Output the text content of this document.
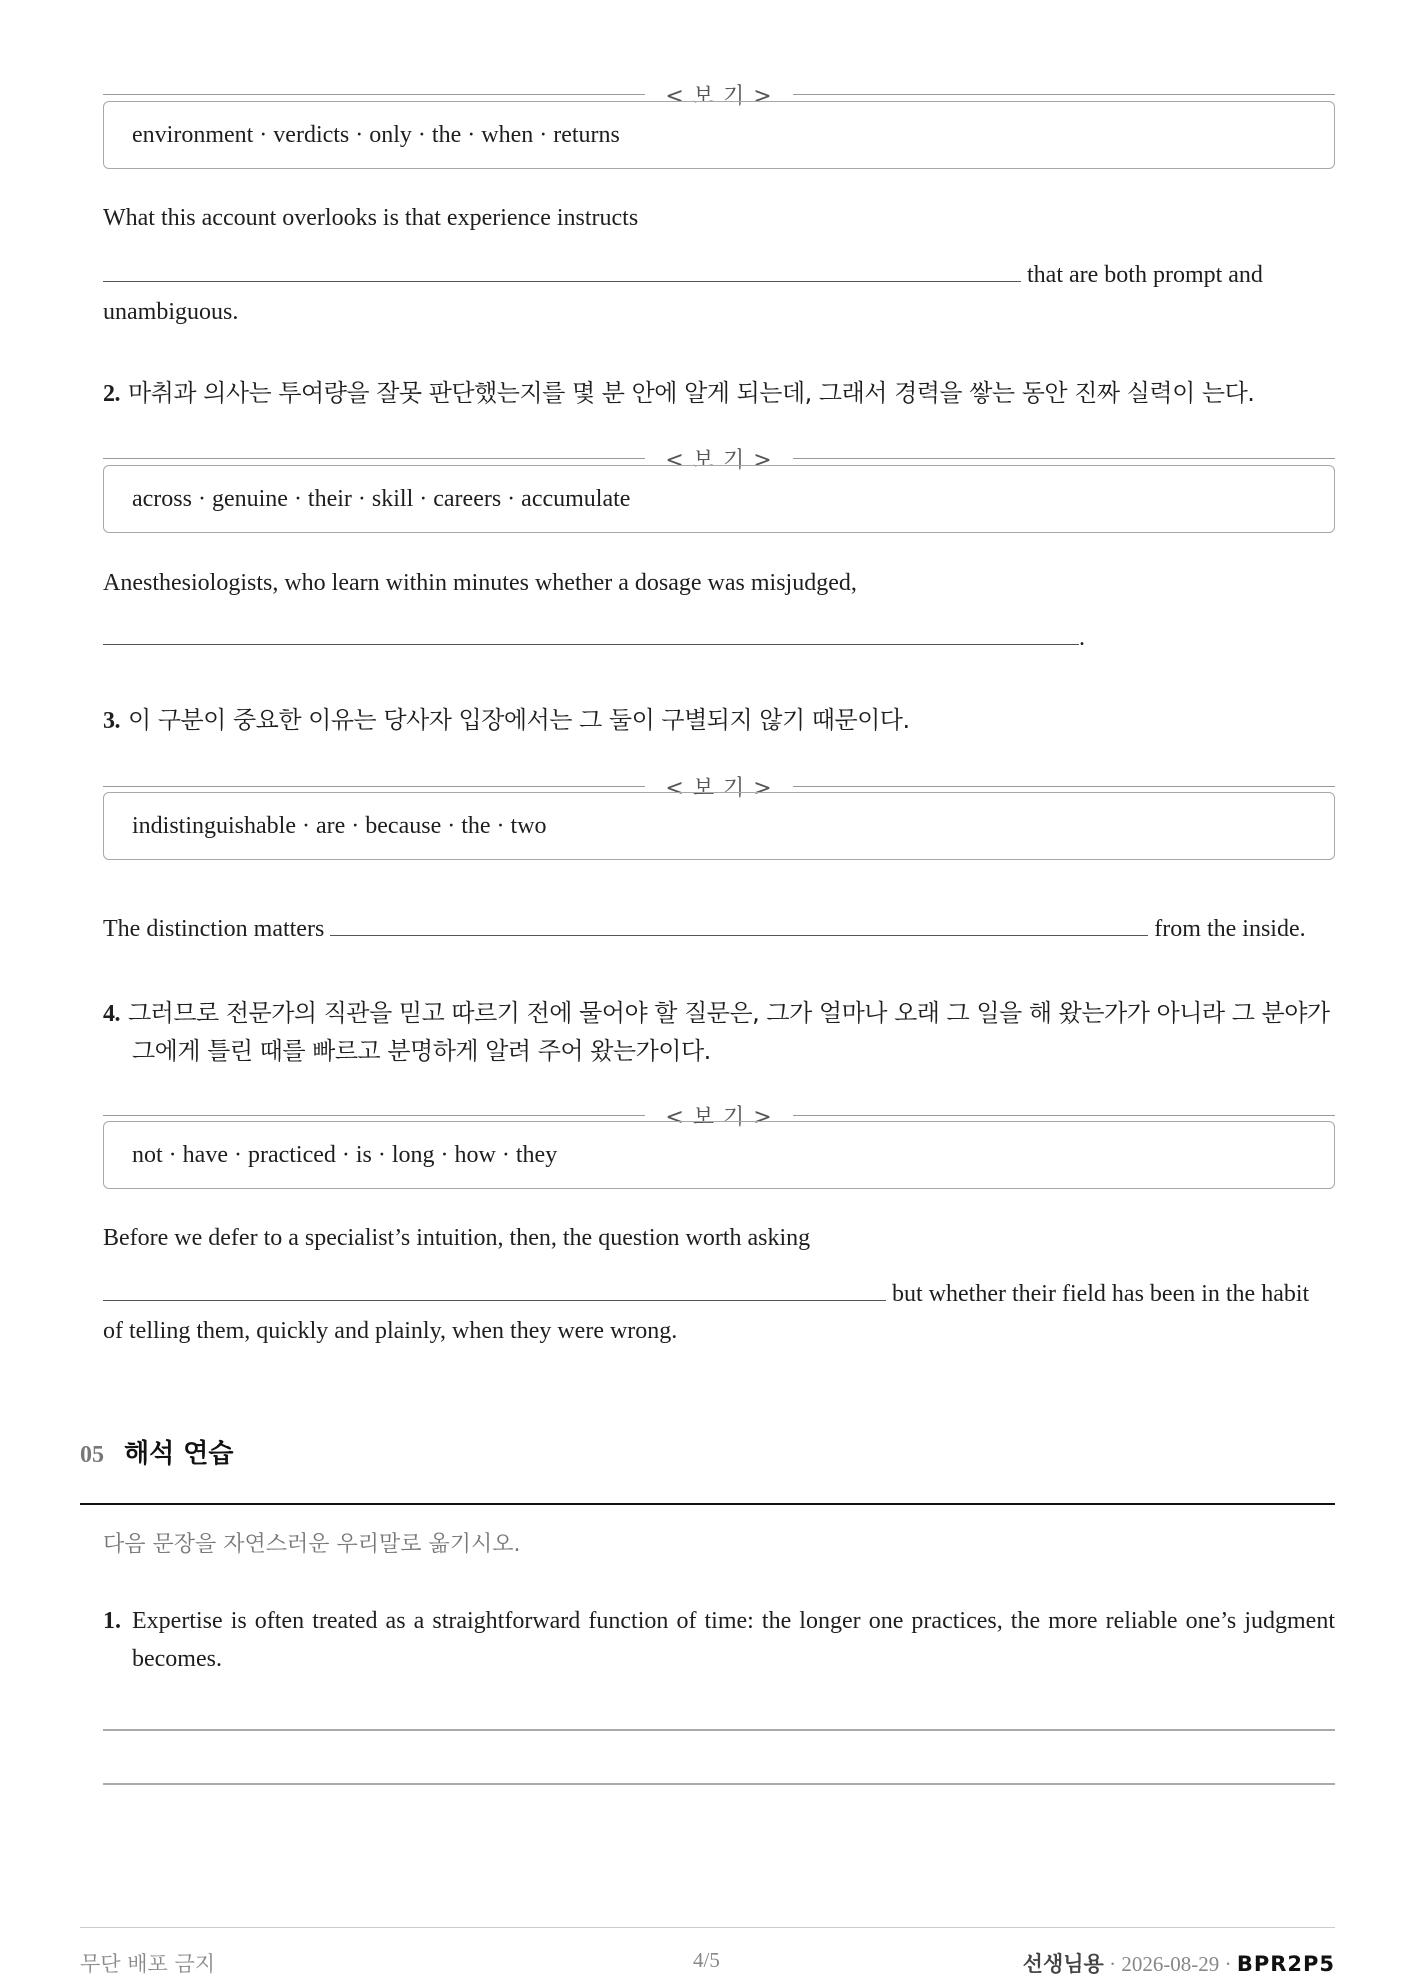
< 보 기 >
environment · verdicts · only · the · when · returns
What this account overlooks is that experience instructs
that are both prompt and
unambiguous.
2. 마취과 의사는 투여량을 잘못 판단했는지를 몇 분 안에 알게 되는데, 그래서 경력을 쌓는 동안 진짜 실력이 는다.
< 보 기 >
across · genuine · their · skill · careers · accumulate
Anesthesiologists, who learn within minutes whether a dosage was misjudged,
.
3. 이 구분이 중요한 이유는 당사자 입장에서는 그 둘이 구별되지 않기 때문이다.
< 보 기 >
indistinguishable · are · because · the · two
The distinction matters	from the inside.
4. 그러므로 전문가의 직관을 믿고 따르기 전에 물어야 할 질문은, 그가 얼마나 오래 그 일을 해 왔는가가 아니라 그 분야가
그에게 틀린 때를 빠르고 분명하게 알려 주어 왔는가이다.
< 보 기 >
not · have · practiced · is · long · how · they
Before we defer to a specialist’s intuition, then, the question worth asking
but whether their field has been in the habit
of telling them, quickly and plainly, when they were wrong.
05 해석 연습
다음 문장을 자연스러운 우리말로 옮기시오.
1. Expertise is often treated as a straightforward function of time: the longer one practices, the more reliable one’s judgment becomes.
무단 배포 금지	4/5	선생님용 · 2026-08-29 · BPR2P5
